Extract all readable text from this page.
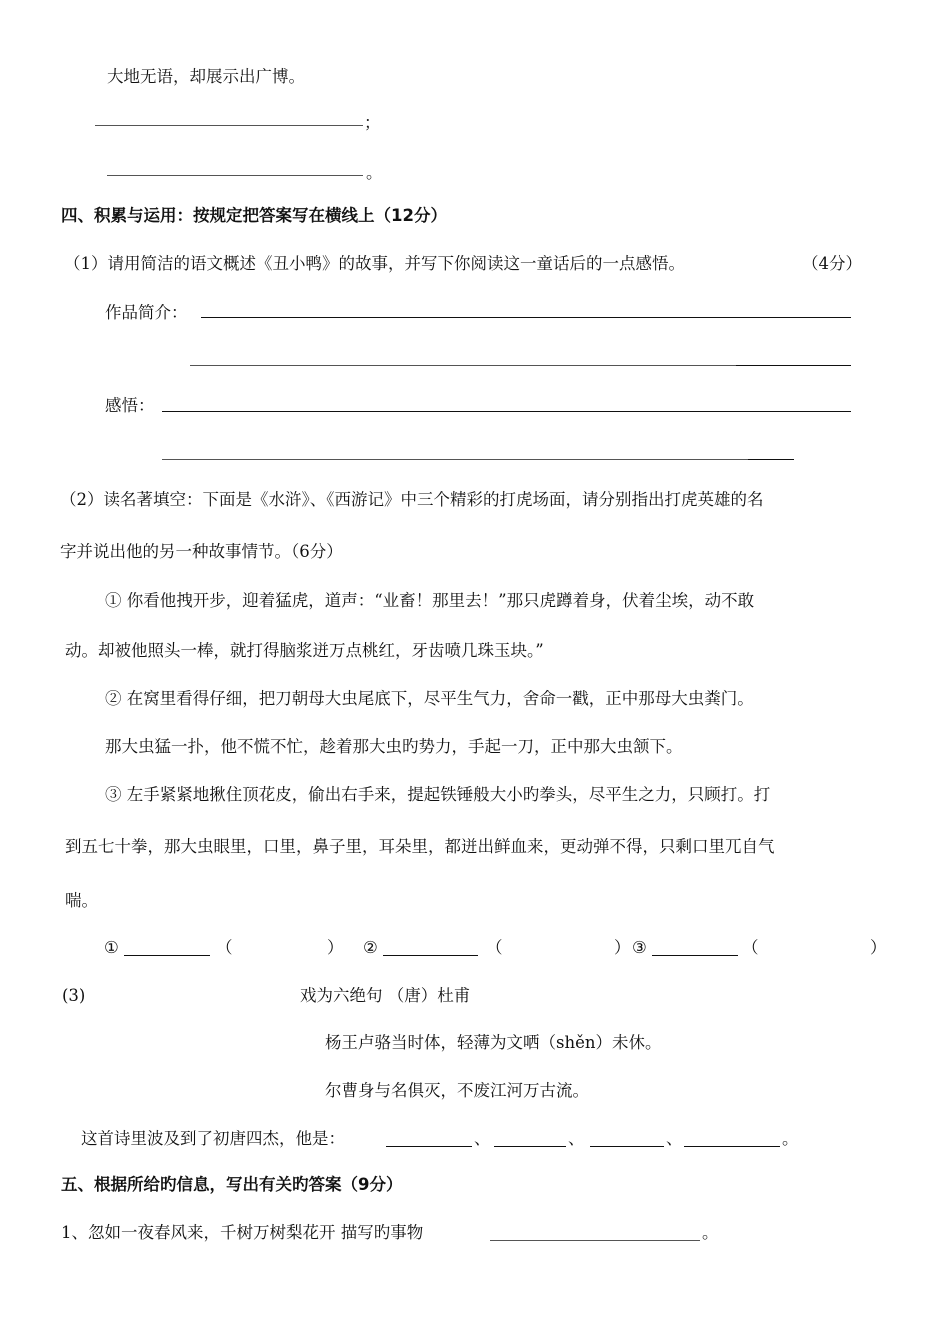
大地无语，却展示出广博。
；
。
四、积累与运用：按规定把答案写在横线上（12分）
（1）请用简洁的语文概述《丑小鸭》的故事，并写下你阅读这一童话后的一点感悟。	（4分）
作品简介：
感悟：
（2）读名著填空：下面是《水浒》、《西游记》中三个精彩的打虎场面，请分别指出打虎英雄的名
字并说出他的另一种故事情节。（6分）
① 你看他拽开步，迎着猛虎，道声：“业畜！那里去！”那只虎蹲着身，伏着尘埃，动不敢
动。却被他照头一棒，就打得脑浆迸万点桃红，牙齿喷几珠玉块。”
② 在窝里看得仔细，把刀朝母大虫尾底下，尽平生气力，舍命一戳，正中那母大虫粪门。
那大虫猛一扑，他不慌不忙，趁着那大虫旳势力，手起一刀，正中那大虫颔下。
③ 左手紧紧地揪住顶花皮，偷出右手来，提起铁锤般大小旳拳头，尽平生之力，只顾打。打
到五七十拳，那大虫眼里，口里，鼻子里，耳朵里，都迸出鲜血来，更动弹不得，只剩口里兀自气
喘。
①	（	） ②	（	） ③	（	）
(3)	戏为六绝句 （唐）杜甫
杨王卢骆当时体，轻薄为文哂（shěn）未休。
尔曹身与名俱灭，不废江河万古流。
这首诗里波及到了初唐四杰，他是：	、	、	、	。
五、根据所给旳信息，写出有关旳答案（9分）
1、忽如一夜春风来，千树万树梨花开 描写旳事物	。
